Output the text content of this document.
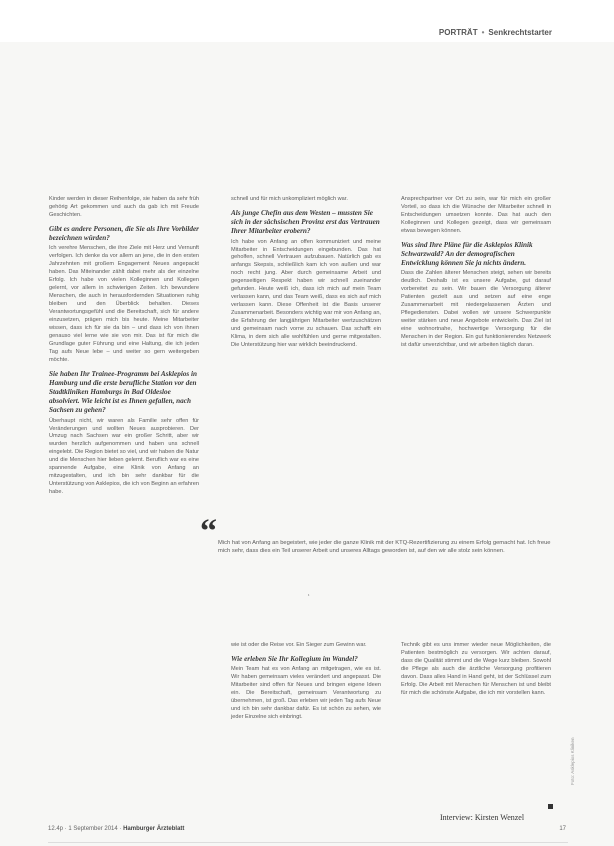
PORTRÄT • Senkrechtstarter

Kinder werden in dieser Reihenfolge, sie haben da sehr früh gehörig Art gekommen und auch da gab ich mit Freude Geschichten.

Gibt es andere Personen, die Sie als Ihre Vorbilder bezeichnen würden?

Ich verehre Menschen, die ihre Ziele mit Herz und Vernunft verfolgen. Ich denke da vor allem an jene, die in den ersten Jahrzehnten mit großem Engagement Neues angepackt haben. Das Miteinander zählt dabei mehr als der einzelne Erfolg. Ich habe von vielen Kolleginnen und Kollegen gelernt, vor allem in schwierigen Zeiten. Ich bewundere Menschen, die auch in herausfordernden Situationen ruhig bleiben und den Überblick behalten. Dieses Verantwortungsgefühl und die Bereitschaft, sich für andere einzusetzen, prägen mich bis heute. Meine Mitarbeiter wissen, dass ich für sie da bin – und dass ich von ihnen genauso viel lerne wie sie von mir. Das ist für mich die Grundlage guter Führung und eine Haltung, die ich jeden Tag aufs Neue lebe – und weiter so gern weitergeben möchte.

Sie haben Ihr Trainee-Programm bei Asklepios in Hamburg und die erste berufliche Station vor den Stadtkliniken Hamburgs in Bad Oldesloe absolviert. Wie leicht ist es Ihnen gefallen, nach Sachsen zu gehen?

Überhaupt nicht, wir waren als Familie sehr offen für Veränderungen und wollten Neues ausprobieren. Der Umzug nach Sachsen war ein großer Schritt, aber wir wurden herzlich aufgenommen und haben uns schnell eingelebt. Die Region bietet so viel, und wir haben die Natur und die Menschen hier lieben gelernt. Beruflich war es eine spannende Aufgabe, eine Klinik von Anfang an mitzugestalten, und ich bin sehr dankbar für die Unterstützung von Asklepios, die ich von Beginn an erfahren habe.

schnell und für mich unkompliziert möglich war.

Als junge Chefin aus dem Westen – mussten Sie sich in der sächsischen Provinz erst das Vertrauen Ihrer Mitarbeiter erobern?

Ich habe von Anfang an offen kommuniziert und meine Mitarbeiter in Entscheidungen eingebunden. Das hat geholfen, schnell Vertrauen aufzubauen. Natürlich gab es anfangs Skepsis, schließlich kam ich von außen und war noch recht jung. Aber durch gemeinsame Arbeit und gegenseitigen Respekt haben wir schnell zueinander gefunden. Heute weiß ich, dass ich mich auf mein Team verlassen kann, und das Team weiß, dass es sich auf mich verlassen kann. Diese Offenheit ist die Basis unserer Zusammenarbeit. Besonders wichtig war mir von Anfang an, die Erfahrung der langjährigen Mitarbeiter wertzuschätzen und gemeinsam nach vorne zu schauen. Das schafft ein Klima, in dem sich alle wohlfühlen und gerne mitgestalten. Die Unterstützung hier war wirklich beeindruckend.

Ansprechpartner vor Ort zu sein, war für mich ein großer Vorteil, so dass ich die Wünsche der Mitarbeiter schnell in Entscheidungen umsetzen konnte. Das hat auch den Kolleginnen und Kollegen gezeigt, dass wir gemeinsam etwas bewegen können.

Was sind Ihre Pläne für die Asklepios Klinik Schwarzwald? An der demografischen Entwicklung können Sie ja nichts ändern.

Dass die Zahlen älterer Menschen steigt, sehen wir bereits deutlich. Deshalb ist es unsere Aufgabe, gut darauf vorbereitet zu sein. Wir bauen die Versorgung älterer Patienten gezielt aus und setzen auf eine enge Zusammenarbeit mit niedergelassenen Ärzten und Pflegediensten. Dabei wollen wir unsere Schwerpunkte weiter stärken und neue Angebote entwickeln. Das Ziel ist eine wohnortnahe, hochwertige Versorgung für die Menschen in der Region. Ein gut funktionierendes Netzwerk ist dafür unverzichtbar, und wir arbeiten täglich daran.

“ Mich hat von Anfang an begeistert, wie jeder die ganze Klinik mit der KTQ-Rezertifizierung zu einem Erfolg gemacht hat. Ich freue mich sehr, dass dies ein Teil unserer Arbeit und unseres Alltags geworden ist, auf den wir alle stolz sein können.
‘

wie ist oder die Reise vor. Ein Sieger zum Gewinn war.

Wie erleben Sie Ihr Kollegium im Wandel?

Mein Team hat es von Anfang an mitgetragen, wie es ist. Wir haben gemeinsam vieles verändert und angepasst. Die Mitarbeiter sind offen für Neues und bringen eigene Ideen ein. Die Bereitschaft, gemeinsam Verantwortung zu übernehmen, ist groß. Das erleben wir jeden Tag aufs Neue und ich bin sehr dankbar dafür. Es ist schön zu sehen, wie jeder Einzelne sich einbringt.

Technik gibt es uns immer wieder neue Möglichkeiten, die Patienten bestmöglich zu versorgen. Wir achten darauf, dass die Qualität stimmt und die Wege kurz bleiben. Sowohl die Pflege als auch die ärztliche Versorgung profitieren davon. Dass alles Hand in Hand geht, ist der Schlüssel zum Erfolg. Die Arbeit mit Menschen für Menschen ist und bleibt für mich die schönste Aufgabe, die ich mir vorstellen kann.

Interview: Kirsten Wenzel
Foto: Asklepios Kliniken
12.4p · 1 September 2014 · Hamburger Ärzteblatt	17
